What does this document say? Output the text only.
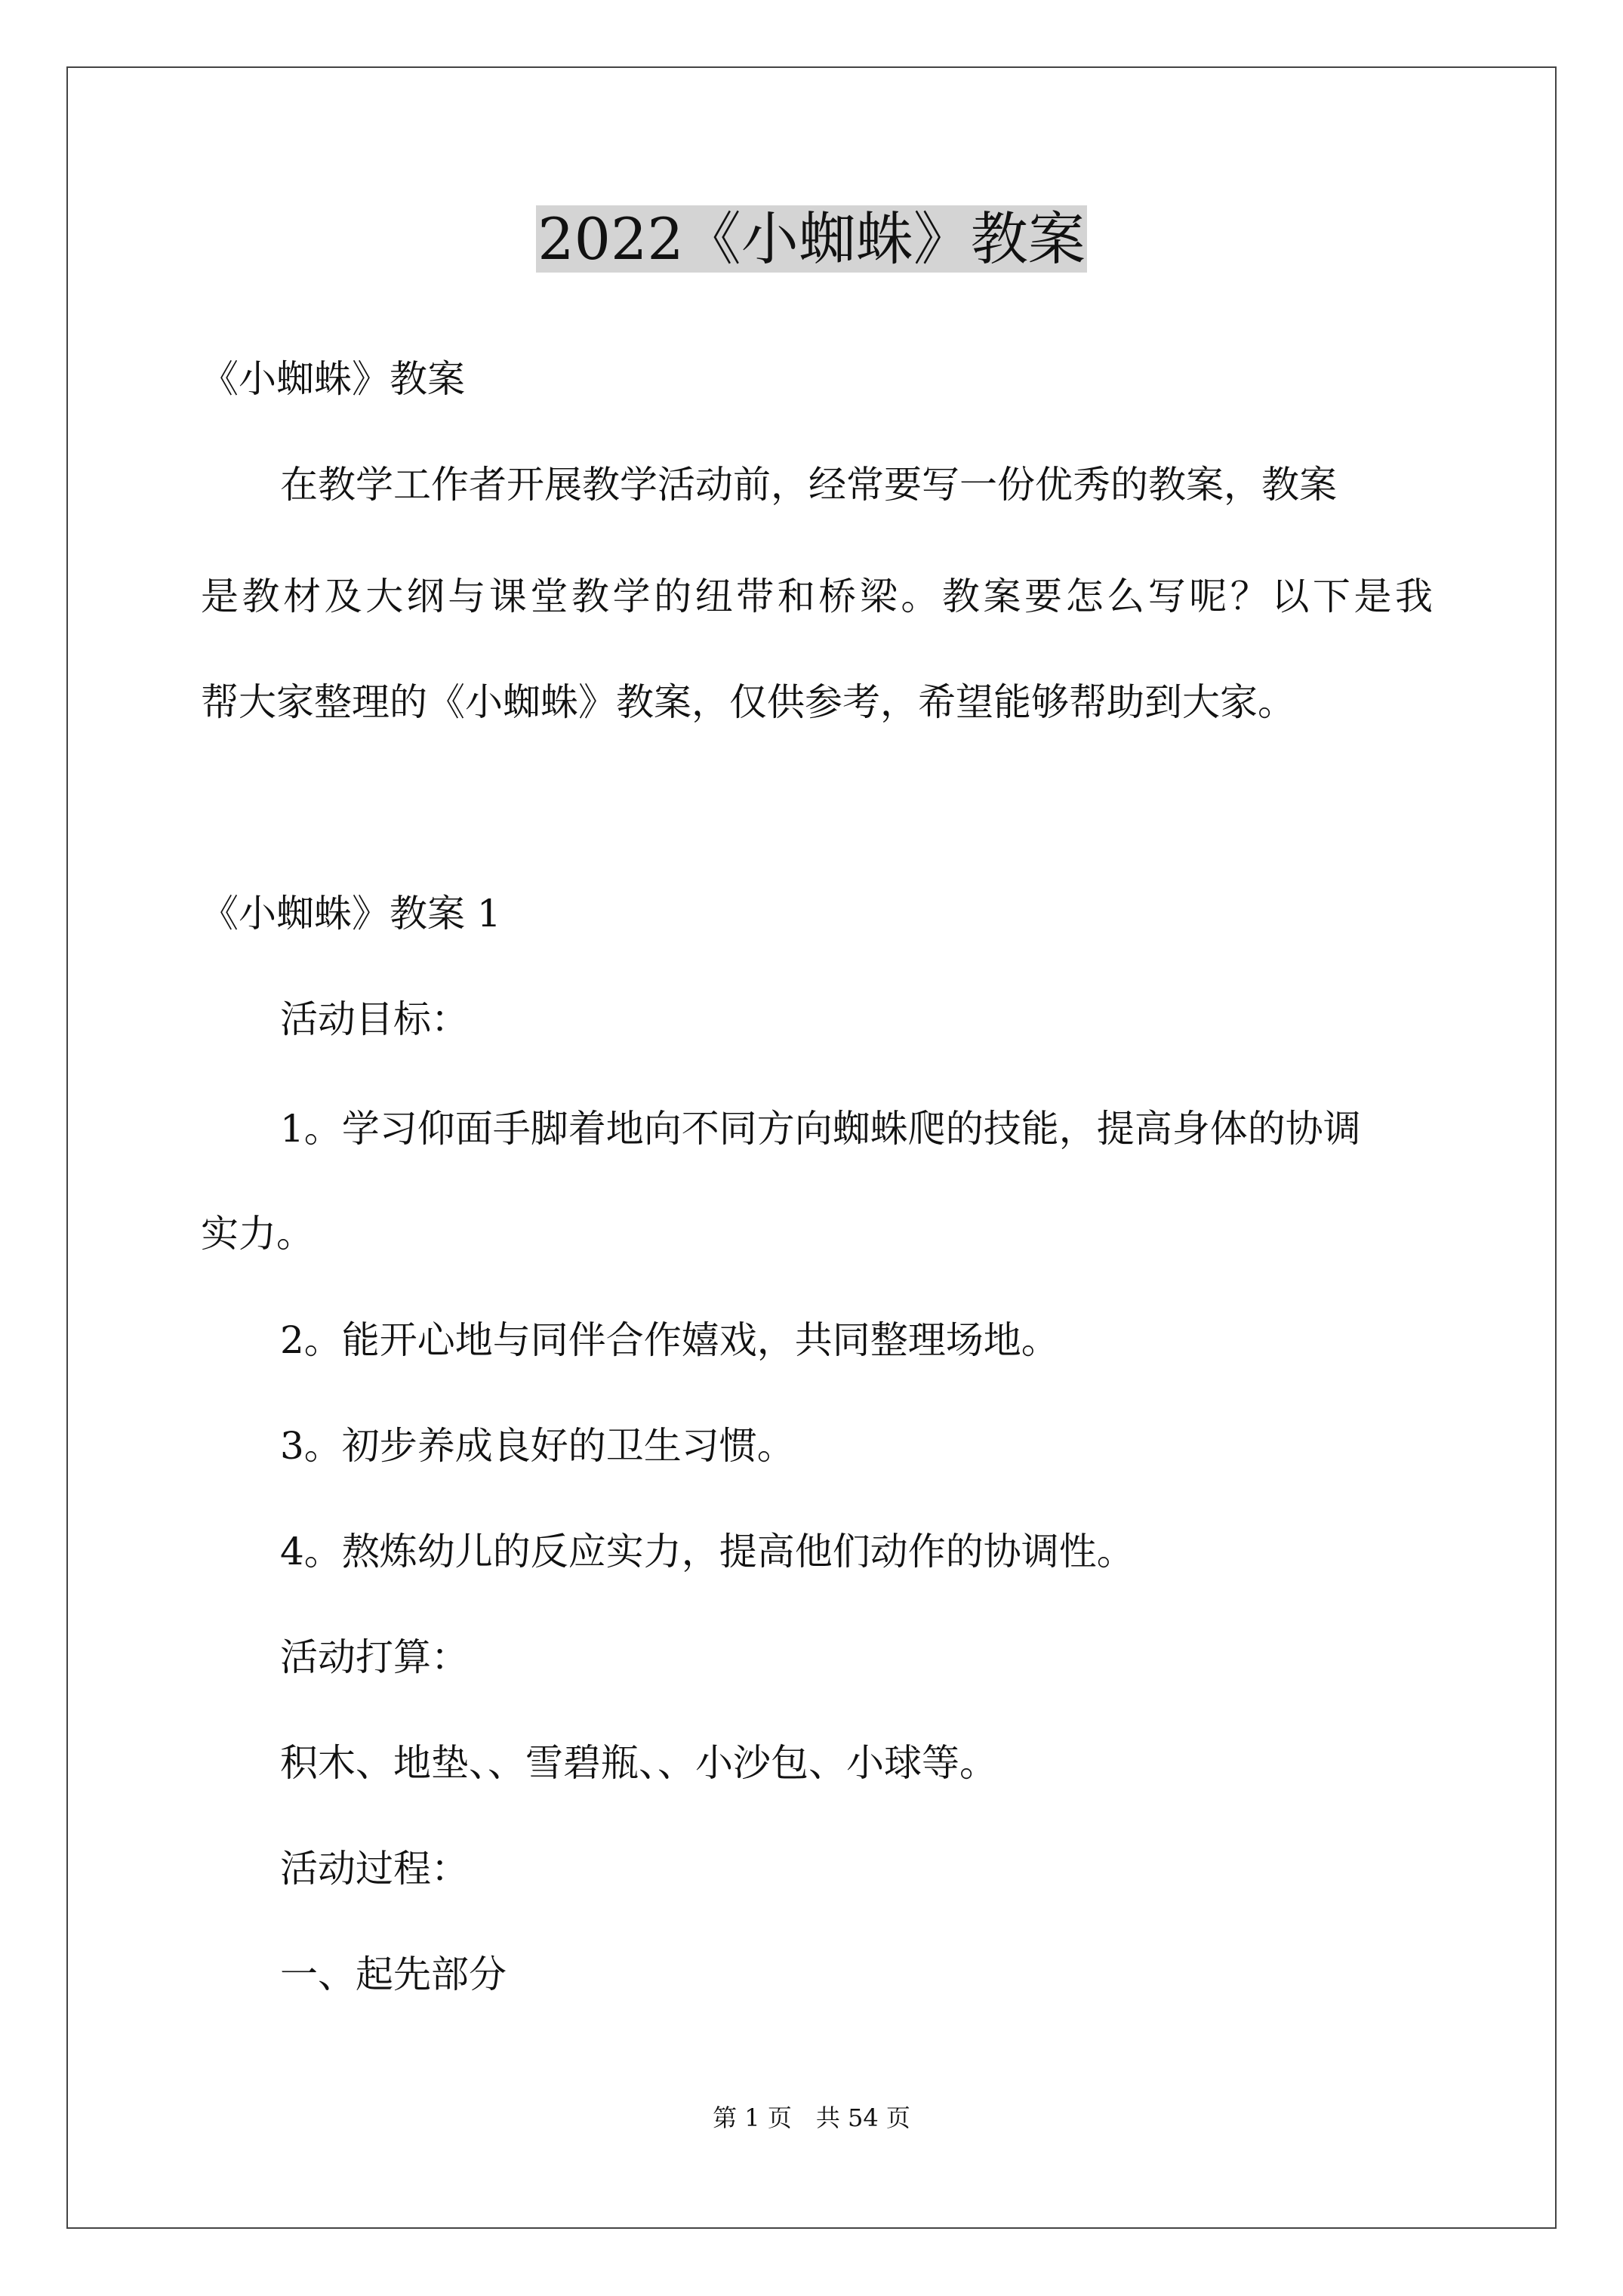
2022《小蜘蛛》教案
《小蜘蛛》教案
在教学工作者开展教学活动前，经常要写一份优秀的教案，教案
是教材及大纲与课堂教学的纽带和桥梁。教案要怎么写呢？以下是我
帮大家整理的《小蜘蛛》教案，仅供参考，希望能够帮助到大家。
《小蜘蛛》教案 1
活动目标：
1。学习仰面手脚着地向不同方向蜘蛛爬的技能，提高身体的协调
实力。
2。能开心地与同伴合作嬉戏，共同整理场地。
3。初步养成良好的卫生习惯。
4。熬炼幼儿的反应实力，提高他们动作的协调性。
活动打算：
积木、地垫、、雪碧瓶、、小沙包、小球等。
活动过程：
一、起先部分
第 1 页　共 54 页
